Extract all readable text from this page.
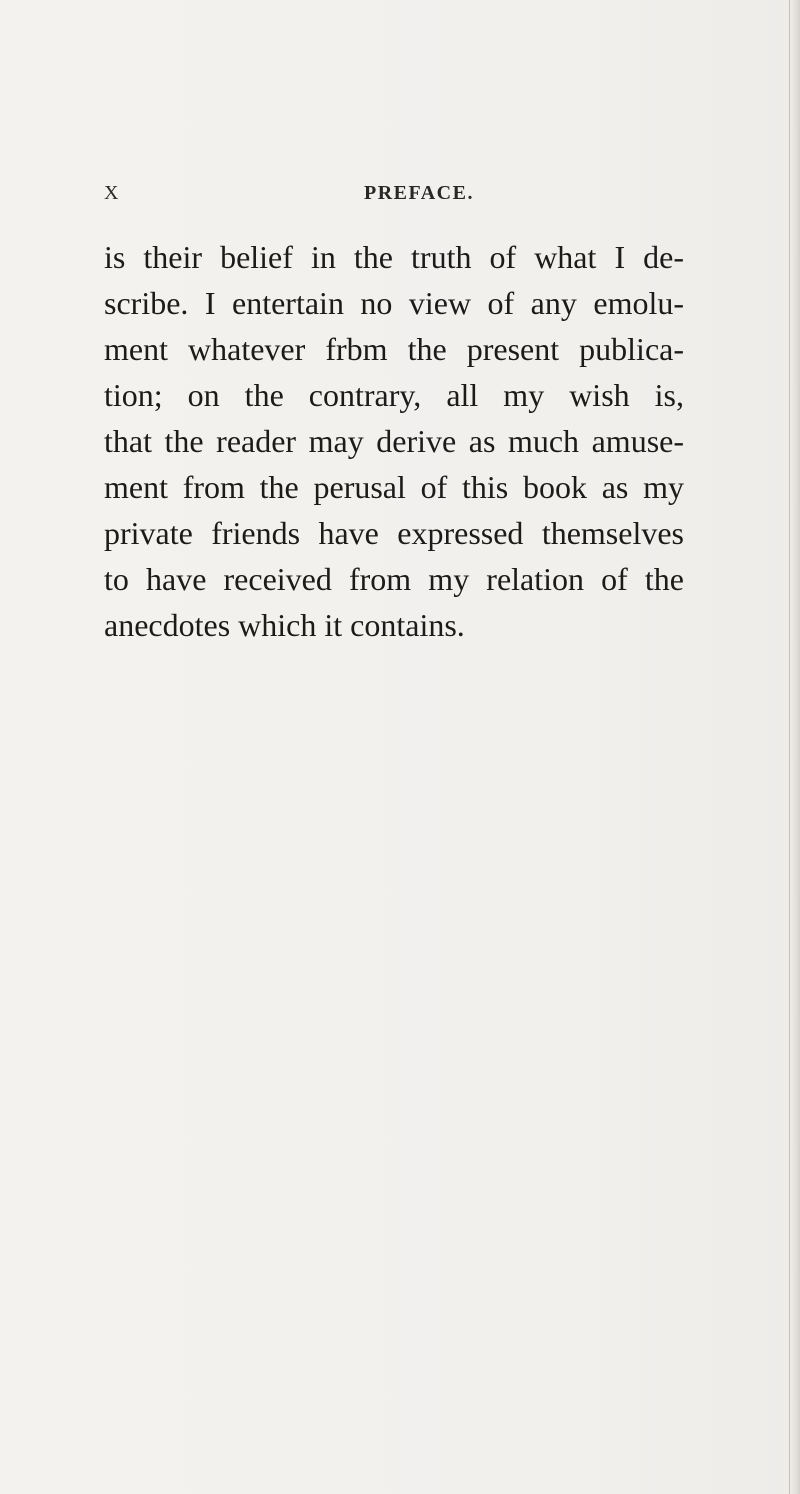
X	PREFACE.
is their belief in the truth of what I de-
scribe. I entertain no view of any emolu-
ment whatever frbm the present publica-
tion; on the contrary, all my wish is,
that the reader may derive as much amuse-
ment from the perusal of this book as my
private friends have expressed themselves
to have received from my relation of the
anecdotes which it contains.
